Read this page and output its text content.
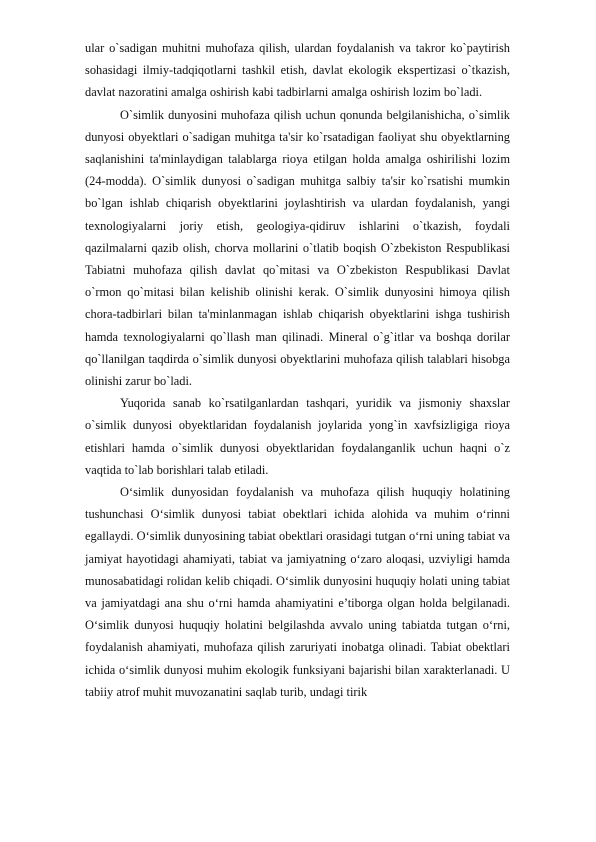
ular o`sadigan muhitni muhofaza qilish, ulardan foydalanish va takror ko`paytirish sohasidagi ilmiy-tadqiqotlarni tashkil etish, davlat ekologik ekspertizasi o`tkazish, davlat nazoratini amalga oshirish kabi tadbirlarni amalga oshirish lozim bo`ladi.

O`simlik dunyosini muhofaza qilish uchun qonunda belgilanishicha, o`simlik dunyosi obyektlari o`sadigan muhitga ta'sir ko`rsatadigan faoliyat shu obyektlarning saqlanishini ta'minlaydigan talablarga rioya etilgan holda amalga oshirilishi lozim (24-modda). O`simlik dunyosi o`sadigan muhitga salbiy ta'sir ko`rsatishi mumkin bo`lgan ishlab chiqarish obyektlarini joylashtirish va ulardan foydalanish, yangi texnologiyalarni joriy etish, geologiya-qidiruv ishlarini o`tkazish, foydali qazilmalarni qazib olish, chorva mollarini o`tlatib boqish O`zbekiston Respublikasi Tabiatni muhofaza qilish davlat qo`mitasi va O`zbekiston Respublikasi Davlat o`rmon qo`mitasi bilan kelishib olinishi kerak. O`simlik dunyosini himoya qilish chora-tadbirlari bilan ta'minlanmagan ishlab chiqarish obyektlarini ishga tushirish hamda texnologiyalarni qo`llash man qilinadi. Mineral o`g`itlar va boshqa dorilar qo`llanilgan taqdirda o`simlik dunyosi obyektlarini muhofaza qilish talablari hisobga olinishi zarur bo`ladi.

Yuqorida sanab ko`rsatilganlardan tashqari, yuridik va jismoniy shaxslar o`simlik dunyosi obyektlaridan foydalanish joylarida yong`in xavfsizligiga rioya etishlari hamda o`simlik dunyosi obyektlaridan foydalanganlik uchun haqni o`z vaqtida to`lab borishlari talab etiladi.

O‘simlik dunyosidan foydalanish va muhofaza qilish huquqiy holatining tushunchasi O‘simlik dunyosi tabiat obektlari ichida alohida va muhim o‘rinni egallaydi. O‘simlik dunyosining tabiat obektlari orasidagi tutgan o‘rni uning tabiat va jamiyat hayotidagi ahamiyati, tabiat va jamiyatning o‘zaro aloqasi, uzviyligi hamda munosabatidagi rolidan kelib chiqadi. O‘simlik dunyosini huquqiy holati uning tabiat va jamiyatdagi ana shu o‘rni hamda ahamiyatini e’tiborga olgan holda belgilanadi. O‘simlik dunyosi huquqiy holatini belgilashda avvalo uning tabiatda tutgan o‘rni, foydalanish ahamiyati, muhofaza qilish zaruriyati inobatga olinadi. Tabiat obektlari ichida o‘simlik dunyosi muhim ekologik funksiyani bajarishi bilan xarakterlanadi. U tabiiy atrof muhit muvozanatini saqlab turib, undagi tirik
